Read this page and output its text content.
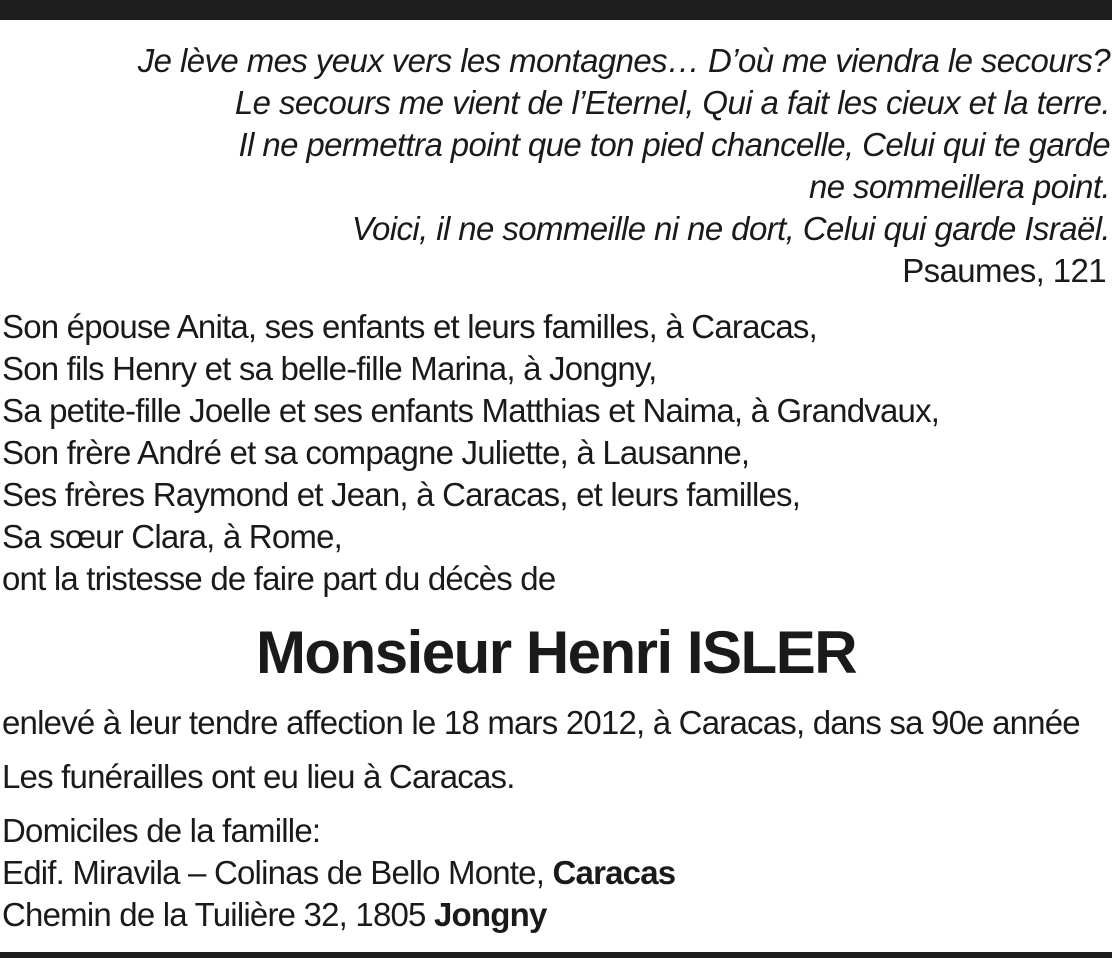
Je lève mes yeux vers les montagnes… D’où me viendra le secours?
Le secours me vient de l’Eternel, Qui a fait les cieux et la terre.
Il ne permettra point que ton pied chancelle, Celui qui te garde
ne sommeillera point.
Voici, il ne sommeille ni ne dort, Celui qui garde Israël.
Psaumes, 121
Son épouse Anita, ses enfants et leurs familles, à Caracas,
Son fils Henry et sa belle-fille Marina, à Jongny,
Sa petite-fille Joelle et ses enfants Matthias et Naima, à Grandvaux,
Son frère André et sa compagne Juliette, à Lausanne,
Ses frères Raymond et Jean, à Caracas, et leurs familles,
Sa sœur Clara, à Rome,
ont la tristesse de faire part du décès de
Monsieur Henri ISLER
enlevé à leur tendre affection le 18 mars 2012, à Caracas, dans sa 90e année
Les funérailles ont eu lieu à Caracas.
Domiciles de la famille:
Edif. Miravila – Colinas de Bello Monte, Caracas
Chemin de la Tuilière 32, 1805 Jongny
